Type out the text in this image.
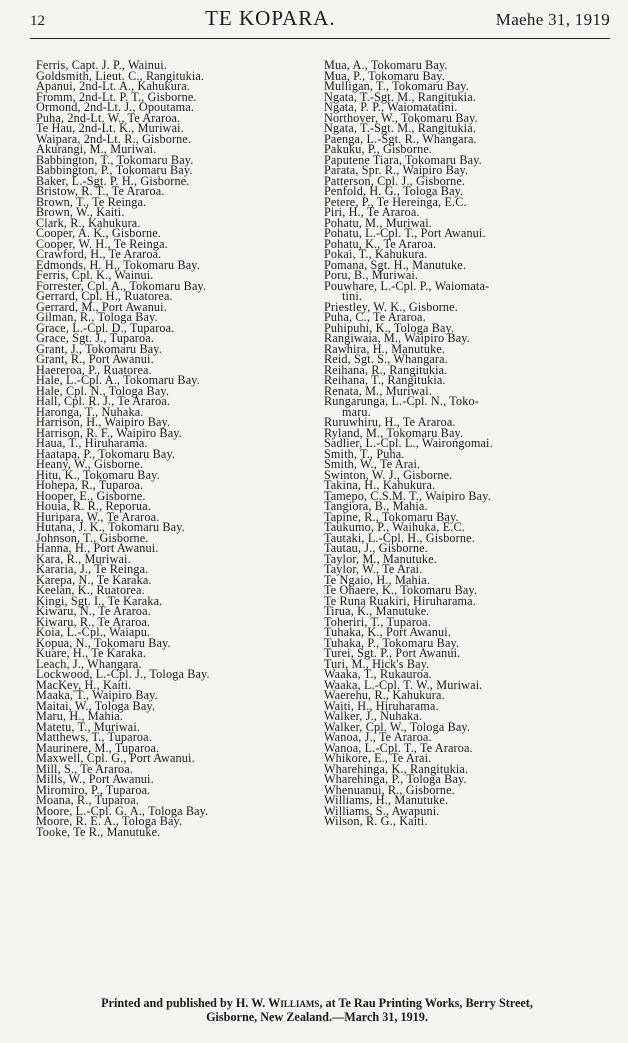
12	TE KOPARA.	Maehe 31, 1919
Ferris, Capt. J. P., Wainui.
Goldsmith, Lieut. C., Rangitukia.
Apanui, 2nd-Lt. A., Kahukura.
Fromm, 2nd-Lt. P. T., Gisborne.
Ormond, 2nd-Lt. J., Opoutama.
Puha, 2nd-Lt. W., Te Araroa.
Te Hau, 2nd-Lt. K., Muriwai.
Waipara, 2nd-Lt. R., Gisborne.
Akurangi, M., Muriwai.
Babbington, T., Tokomaru Bay.
Babbington, P., Tokomaru Bay.
Baker, L.-Sgt. P. H., Gisborne.
Bristow, R. T., Te Araroa.
Brown, T., Te Reinga.
Brown, W., Kaiti.
Clark, R., Kahukura.
Cooper, A. K., Gisborne.
Cooper, W. H., Te Reinga.
Crawford, H., Te Araroa.
Edmonds, H. H., Tokomaru Bay.
Ferris, Cpl. K., Wainui.
Forrester, Cpl. A., Tokomaru Bay.
Gerrard, Cpl. H., Ruatorea.
Gerrard, M., Port Awanui.
Gilman, R., Tologa Bay.
Grace, L.-Cpl. D., Tuparoa.
Grace, Sgt. J., Tuparoa.
Grant, J., Tokomaru Bay.
Grant, R., Port Awanui.
Haereroa, P., Ruatorea.
Hale, L.-Cpl. A., Tokomaru Bay.
Hale, Cpl. N., Tologa Bay.
Hall, Cpl. R. J., Te Araroa.
Haronga, T., Nuhaka.
Harrison, H., Waipiro Bay.
Harrison, R. F., Waipiro Bay.
Haua, T., Hiruharama.
Haatapa, P., Tokomaru Bay.
Heany, W., Gisborne.
Hitu, K., Tokomaru Bay.
Hohepa, R., Tuparoa.
Hooper, E., Gisborne.
Houia, R. R., Reporua.
Huripara, W., Te Araroa.
Hutana, J. K., Tokomaru Bay.
Johnson, T., Gisborne.
Hanna, H., Port Awanui.
Kara, R., Muriwai.
Kararia, J., Te Reinga.
Karepa, N., Te Karaka.
Keelan, K., Ruatorea.
Kingi, Sgt. I., Te Karaka.
Kiwaru, N., Te Araroa.
Kiwaru, R., Te Araroa.
Koia, L.-Cpl., Waiapu.
Kopua, N., Tokomaru Bay.
Kuare, H., Te Karaka.
Leach, J., Whangara.
Lockwood, L.-Cpl. J., Tologa Bay.
MacKey, H., Kaiti.
Maaka, T., Waipiro Bay.
Maitai, W., Tologa Bay.
Maru, H., Mahia.
Matetu, T., Muriwai.
Matthews, T., Tuparoa.
Maurinere, M., Tuparoa.
Maxwell, Cpl. G., Port Awanui.
Mill, S., Te Araroa.
Mills, W., Port Awanui.
Miromiro, P., Tuparoa.
Moana, R., Tuparoa.
Moore, L.-Cpl. G. A., Tologa Bay.
Moore, R. E. A., Tologa Bay.
Tooke, Te R., Manutuke.
Mua, A., Tokomaru Bay.
Mua, P., Tokomaru Bay.
Mulligan, T., Tokomaru Bay.
Ngata, T.-Sgt. M., Rangitukia.
Ngata, P. P., Waiomatatini.
Northover, W., Tokomaru Bay.
Ngata, T.-Sgt. M., Rangitukia.
Paenga, L.-Sgt. R., Whangara.
Pakuku, P., Gisborne.
Paputene Tiara, Tokomaru Bay.
Parata, Spr. R., Waipiro Bay.
Patterson, Cpl. J., Gisborne.
Penfold, H. G., Tologa Bay.
Petere, P., Te Hereinga, E.C.
Piri, H., Te Araroa.
Pohatu, M., Muriwai.
Pohatu, L.-Cpl. T., Port Awanui.
Pohatu, K., Te Araroa.
Pokai, T., Kahukura.
Pomana, Sgt. H., Manutuke.
Poru, B., Muriwai.
Pouwhare, L.-Cpl. P., Waiomata-
tini.
Priestley, W. K., Gisborne.
Puha, C., Te Araroa.
Puhipuhi, K., Tologa Bay.
Rangiwaia, M., Waipiro Bay.
Rawhira, H., Manutuke.
Reid, Sgt. S., Whangara.
Reihana, R., Rangitukia.
Reihana, T., Rangitukia.
Renata, M., Muriwai.
Rungarunga, L.-Cpl. N., Toko-
maru.
Ruruwhiru, H., Te Araroa.
Ryland, M., Tokomaru Bay.
Sadlier, L.-Cpl. L., Wairongomai.
Smith, T., Puha.
Smith, W., Te Arai.
Swinton, W. J., Gisborne.
Takina, H., Kahukura.
Tamepo, C.S.M. T., Waipiro Bay.
Tangiora, B., Mahia.
Tapine, R., Tokomaru Bay.
Taukumo, P., Waihuka, E.C.
Tautaki, L.-Cpl. H., Gisborne.
Tautau, J., Gisborne.
Taylor, M., Manutuke.
Taylor, W., Te Arai.
Te Ngaio, H., Mahia.
Te Ohaere, K., Tokomaru Bay.
Te Runa Ruakiri, Hiruharama.
Tirua, K., Manutuke.
Toheriri, T., Tuparoa.
Tuhaka, K., Port Awanui.
Tuhaka, P., Tokomaru Bay.
Turei, Sgt. P., Port Awanui.
Turi, M., Hick's Bay.
Waaka, T., Rukauroa.
Waaka, L.-Cpl. T. W., Muriwai.
Waerehu, R., Kahukura.
Waiti, H., Hiruharama.
Walker, J., Nuhaka.
Walker, Cpl. W., Tologa Bay.
Wanoa, J., Te Araroa.
Wanoa, L.-Cpl. T., Te Araroa.
Whikore, E., Te Arai.
Wharehinga, K., Rangitukia.
Wharehinga, P., Tologa Bay.
Whenuanui, R., Gisborne.
Williams, H., Manutuke.
Williams, S., Awapuni.
Wilson, R. G., Kaiti.
Printed and published by H. W. Williams, at Te Rau Printing Works, Berry Street,
Gisborne, New Zealand.—March 31, 1919.
